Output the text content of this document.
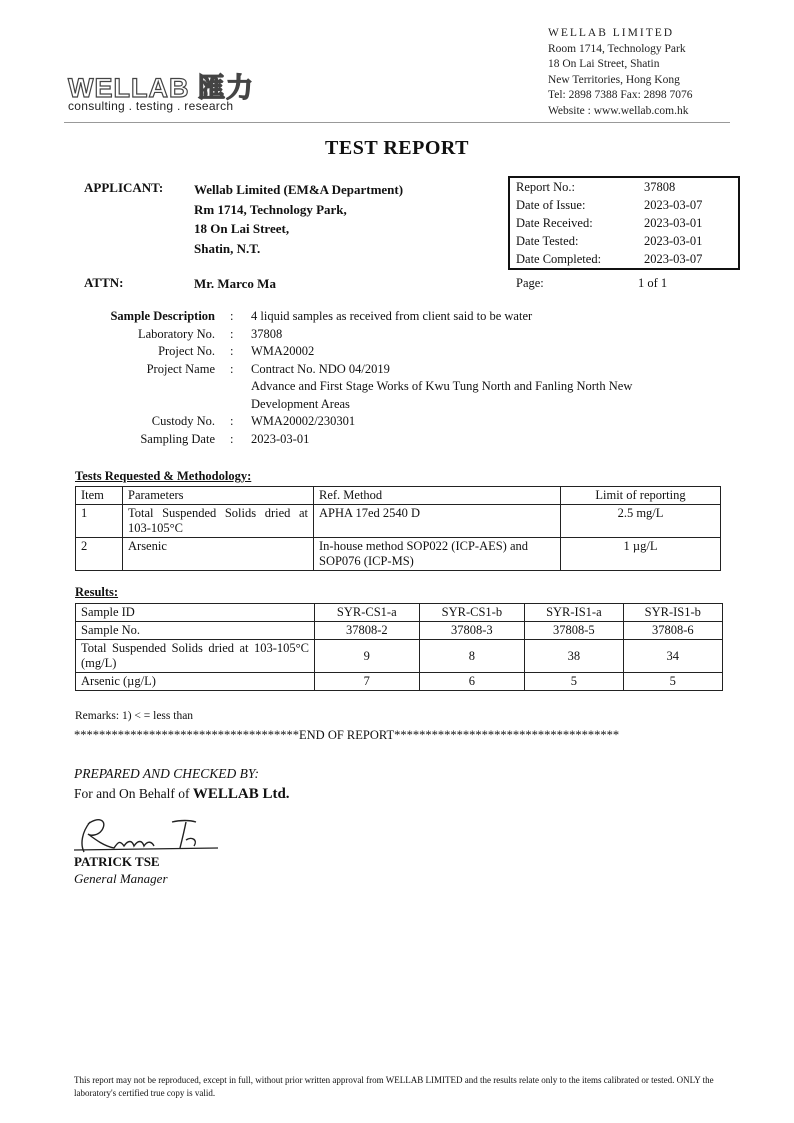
WELLAB 匯力
consulting . testing . research
WELLAB LIMITED
Room 1714, Technology Park
18 On Lai Street, Shatin
New Territories, Hong Kong
Tel: 2898 7388 Fax: 2898 7076
Website : www.wellab.com.hk
TEST REPORT
APPLICANT: Wellab Limited (EM&A Department)
Rm 1714, Technology Park,
18 On Lai Street,
Shatin, N.T.
ATTN:	Mr. Marco Ma
Report No.:	37808
Date of Issue:	2023-03-07
Date Received:	2023-03-01
Date Tested:	2023-03-01
Date Completed:	2023-03-07
Page:	1 of 1
Sample Description : 4 liquid samples as received from client said to be water
Laboratory No. : 37808
Project No. : WMA20002
Project Name : Contract No. NDO 04/2019
Advance and First Stage Works of Kwu Tung North and Fanling North New
Development Areas
Custody No. : WMA20002/230301
Sampling Date : 2023-03-01
Tests Requested & Methodology:
Item	Parameters	Ref. Method	Limit of reporting
1	Total Suspended Solids dried at 103-105°C	APHA 17ed 2540 D	2.5 mg/L
2	Arsenic	In-house method SOP022 (ICP-AES) and SOP076 (ICP-MS)	1 µg/L
Results:
Sample ID	SYR-CS1-a	SYR-CS1-b	SYR-IS1-a	SYR-IS1-b
Sample No.	37808-2	37808-3	37808-5	37808-6
Total Suspended Solids dried at 103-105°C (mg/L)	9	8	38	34
Arsenic (µg/L)	7	6	5	5
Remarks: 1) < = less than
************************************END OF REPORT************************************
PREPARED AND CHECKED BY:
For and On Behalf of WELLAB Ltd.
PATRICK TSE
General Manager
This report may not be reproduced, except in full, without prior written approval from WELLAB LIMITED and the results relate only to the items calibrated or tested. ONLY the laboratory's certified true copy is valid.
